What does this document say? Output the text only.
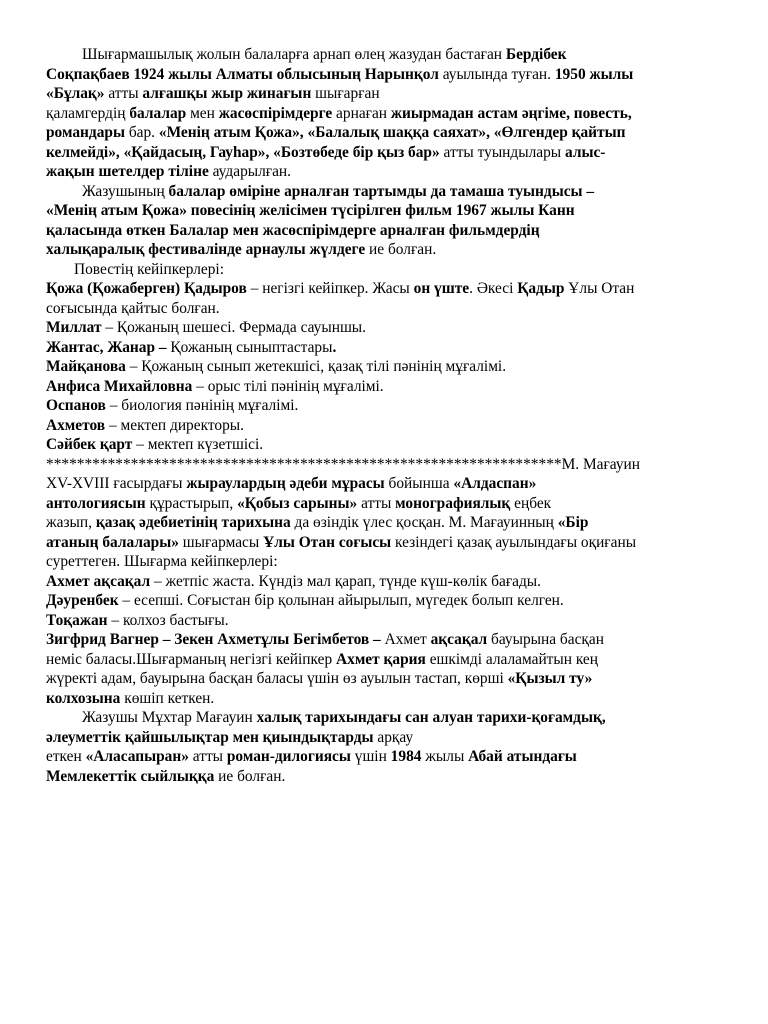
Шығармашылық жолын балаларға арнап өлең жазудан бастаған Бердібек
Соқпақбаев 1924 жылы Алматы облысының Нарынқол ауылында туған. 1950 жылы
«Бұлақ» атты алғашқы жыр жинағын шығарған
қаламгердің балалар мен жасөспірімдерге арнаған жиырмадан астам әңгіме, повесть,
романдары бар. «Менің атым Қожа», «Балалық шаққа саяхат», «Өлгендер қайтып
келмейді», «Қайдасың, Гауһар», «Бозтөбеде бір қыз бар» атты туындылары алыс-
жақын шетелдер тіліне аударылған.
Жазушының балалар өміріне арналған тартымды да тамаша туындысы –
«Менің атым Қожа» повесінің желісімен түсірілген фильм 1967 жылы Канн
қаласында өткен Балалар мен жасөспірімдерге арналған фильмдердің
халықаралық фестивалінде арнаулы жүлдеге ие болған.
Повестің кейіпкерлері:
Қожа (Қожаберген) Қадыров – негізгі кейіпкер. Жасы он үште. Әкесі Қадыр Ұлы Отан
соғысында қайтыс болған.
Миллат – Қожаның шешесі. Фермада сауыншы.
Жантас, Жанар – Қожаның сыныптастары.
Майқанова – Қожаның сынып жетекшісі, қазақ тілі пәнінің мұғалімі.
Анфиса Михайловна – орыс тілі пәнінің мұғалімі.
Оспанов – биология пәнінің мұғалімі.
Ахметов – мектеп директоры.
Сәйбек қарт – мектеп күзетшісі.
*******************************************************************М. Мағауин
XV-XVIII ғасырдағы жыраулардың әдеби мұрасы бойынша «Алдаспан»
антологиясын құрастырып, «Қобыз сарыны» атты монографиялық еңбек
жазып, қазақ әдебиетінің тарихына да өзіндік үлес қосқан. М. Мағауинның «Бір
атаның балалары» шығармасы Ұлы Отан соғысы кезіндегі қазақ ауылындағы оқиғаны
суреттеген. Шығарма кейіпкерлері:
Ахмет ақсақал – жетпіс жаста. Күндіз мал қарап, түнде күш-көлік бағады.
Дәуренбек – есепші. Соғыстан бір қолынан айырылып, мүгедек болып келген.
Тоқажан – колхоз бастығы.
Зигфрид Вагнер – Зекен Ахметұлы Бегімбетов – Ахмет ақсақал бауырына басқан
неміс баласы.Шығарманың негізгі кейіпкер Ахмет қария ешкімді алаламайтын кең
жүректі адам, бауырына басқан баласы үшін өз ауылын тастап, көрші «Қызыл ту»
колхозына көшіп кеткен.
Жазушы Мұхтар Мағауин халық тарихындағы сан алуан тарихи-қоғамдық,
әлеуметтік қайшылықтар мен қиындықтарды арқау
еткен «Аласапыран» атты роман-дилогиясы үшін 1984 жылы Абай атындағы
Мемлекеттік сыйлыққа ие болған.
